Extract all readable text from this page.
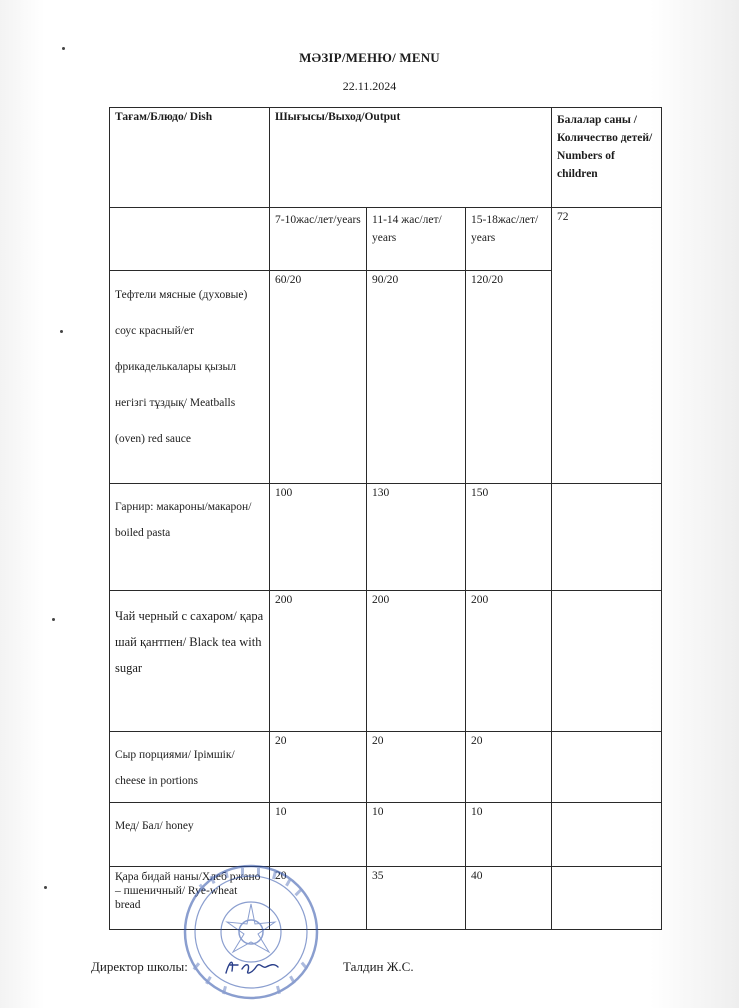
МӘЗІР/МЕНЮ/ MENU
22.11.2024
Тағам/Блюдо/ Dish	Шығысы/Выход/Output			Балалар саны /Количество детей/ Numbers of children
	7-10жас/лет/years	11-14 жас/лет/ years	15-18жас/лет/ years	72
Тефтели мясные (духовые) соус красный/ет фрикаделькалары қызыл негізгі тұздық/ Meatballs (oven) red sauce	60/20	90/20	120/20	
Гарнир: макароны/макарон/ boiled pasta	100	130	150	
Чай черный с сахаром/ қара шай қантпен/ Black tea with sugar	200	200	200	
Сыр порциями/ Ірімшік/ cheese in portions	20	20	20	
Мед/ Бал/ honey	10	10	10	
Қара бидай наны/Хлеб ржано – пшеничный/ Rye-wheat bread	20	35	40	
Директор школы:	Талдин Ж.С.
